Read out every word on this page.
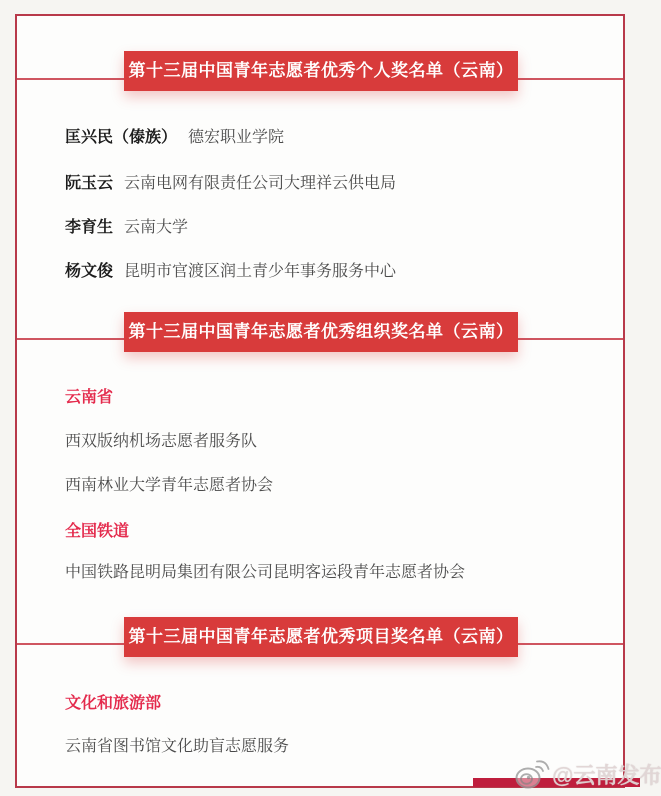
第十三届中国青年志愿者优秀个人奖名单（云南）
匡兴民（傣族） 德宏职业学院
阮玉云 云南电网有限责任公司大理祥云供电局
李育生 云南大学
杨文俊 昆明市官渡区润土青少年事务服务中心
第十三届中国青年志愿者优秀组织奖名单（云南）
云南省
西双版纳机场志愿者服务队
西南林业大学青年志愿者协会
全国铁道
中国铁路昆明局集团有限公司昆明客运段青年志愿者协会
第十三届中国青年志愿者优秀项目奖名单（云南）
文化和旅游部
云南省图书馆文化助盲志愿服务
@云南发布
